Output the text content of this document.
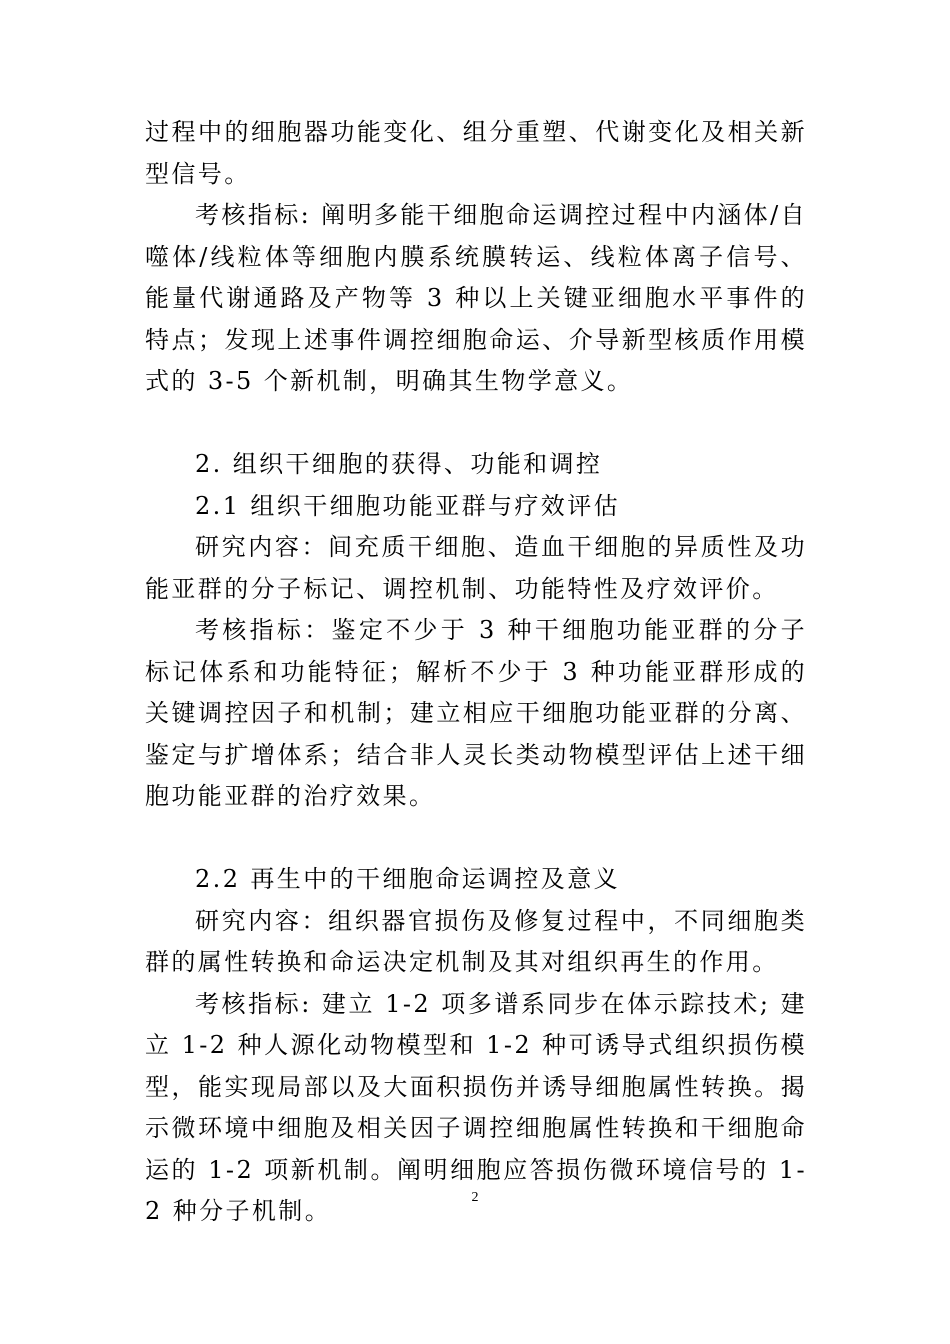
过程中的细胞器功能变化、组分重塑、代谢变化及相关新型信号。

考核指标: 阐明多能干细胞命运调控过程中内涵体/自噬体/线粒体等细胞内膜系统膜转运、线粒体离子信号、能量代谢通路及产物等 3 种以上关键亚细胞水平事件的特点；发现上述事件调控细胞命运、介导新型核质作用模式的 3-5 个新机制，明确其生物学意义。

2. 组织干细胞的获得、功能和调控

2.1 组织干细胞功能亚群与疗效评估

研究内容：间充质干细胞、造血干细胞的异质性及功能亚群的分子标记、调控机制、功能特性及疗效评价。

考核指标：鉴定不少于 3 种干细胞功能亚群的分子标记体系和功能特征；解析不少于 3 种功能亚群形成的关键调控因子和机制；建立相应干细胞功能亚群的分离、鉴定与扩增体系；结合非人灵长类动物模型评估上述干细胞功能亚群的治疗效果。

2.2 再生中的干细胞命运调控及意义

研究内容：组织器官损伤及修复过程中，不同细胞类群的属性转换和命运决定机制及其对组织再生的作用。

考核指标: 建立 1-2 项多谱系同步在体示踪技术; 建立 1-2 种人源化动物模型和 1-2 种可诱导式组织损伤模型，能实现局部以及大面积损伤并诱导细胞属性转换。揭示微环境中细胞及相关因子调控细胞属性转换和干细胞命运的 1-2 项新机制。阐明细胞应答损伤微环境信号的 1-2 种分子机制。	2
